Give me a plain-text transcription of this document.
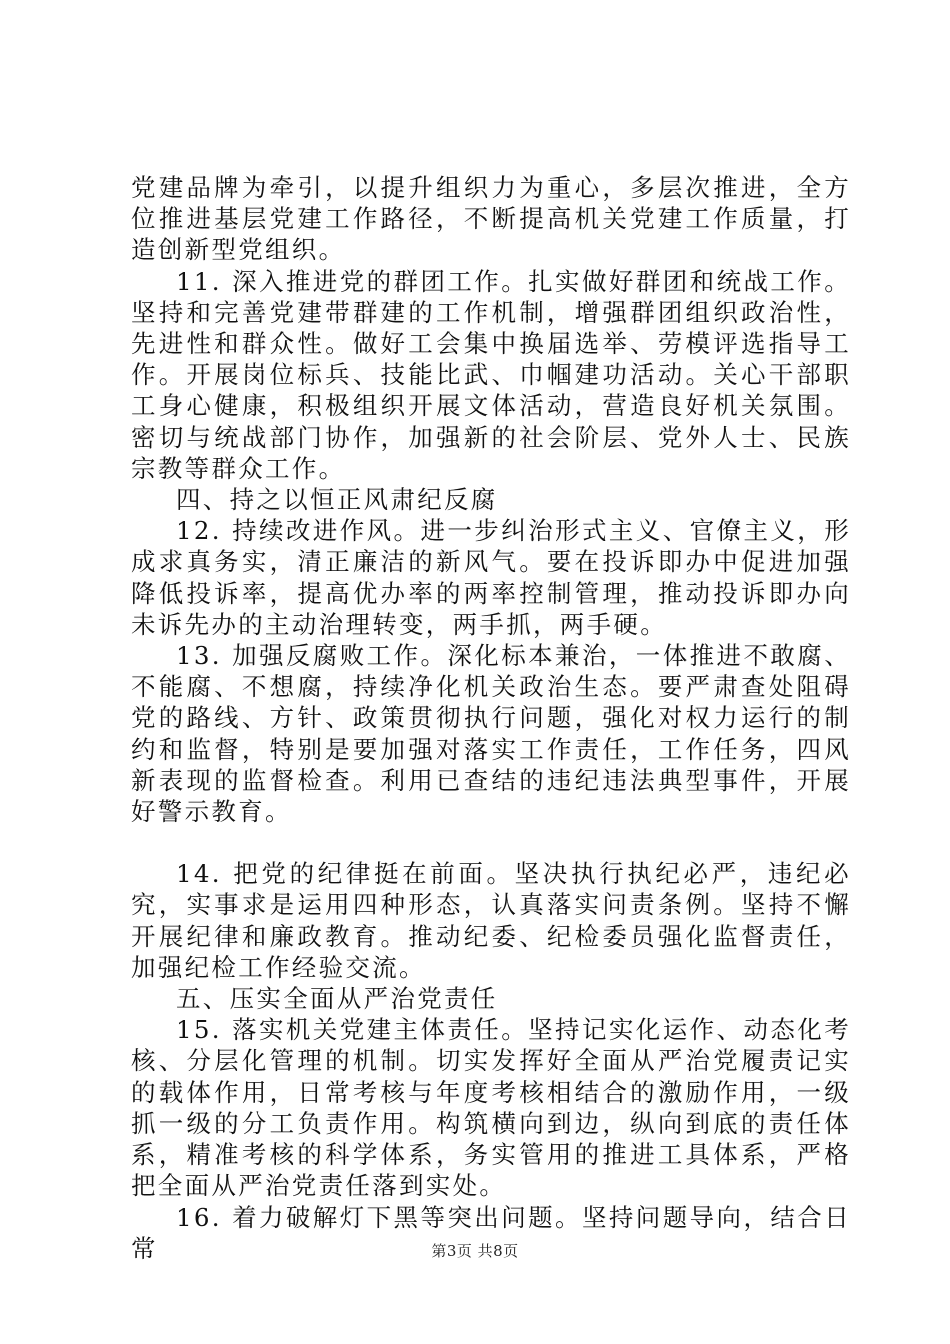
党建品牌为牵引，以提升组织力为重心，多层次推进，全方位推进基层党建工作路径，不断提高机关党建工作质量，打造创新型党组织。

11. 深入推进党的群团工作。扎实做好群团和统战工作。坚持和完善党建带群建的工作机制，增强群团组织政治性，先进性和群众性。做好工会集中换届选举、劳模评选指导工作。开展岗位标兵、技能比武、巾帼建功活动。关心干部职工身心健康，积极组织开展文体活动，营造良好机关氛围。密切与统战部门协作，加强新的社会阶层、党外人士、民族宗教等群众工作。

四、持之以恒正风肃纪反腐

12. 持续改进作风。进一步纠治形式主义、官僚主义，形成求真务实，清正廉洁的新风气。要在投诉即办中促进加强降低投诉率，提高优办率的两率控制管理，推动投诉即办向未诉先办的主动治理转变，两手抓，两手硬。

13. 加强反腐败工作。深化标本兼治，一体推进不敢腐、不能腐、不想腐，持续净化机关政治生态。要严肃查处阻碍党的路线、方针、政策贯彻执行问题，强化对权力运行的制约和监督，特别是要加强对落实工作责任，工作任务，四风新表现的监督检查。利用已查结的违纪违法典型事件，开展好警示教育。

14. 把党的纪律挺在前面。坚决执行执纪必严，违纪必究，实事求是运用四种形态，认真落实问责条例。坚持不懈开展纪律和廉政教育。推动纪委、纪检委员强化监督责任，加强纪检工作经验交流。

五、压实全面从严治党责任

15. 落实机关党建主体责任。坚持记实化运作、动态化考核、分层化管理的机制。切实发挥好全面从严治党履责记实的载体作用，日常考核与年度考核相结合的激励作用，一级抓一级的分工负责作用。构筑横向到边，纵向到底的责任体系，精准考核的科学体系，务实管用的推进工具体系，严格把全面从严治党责任落到实处。

16. 着力破解灯下黑等突出问题。坚持问题导向，结合日常	第3页 共8页
